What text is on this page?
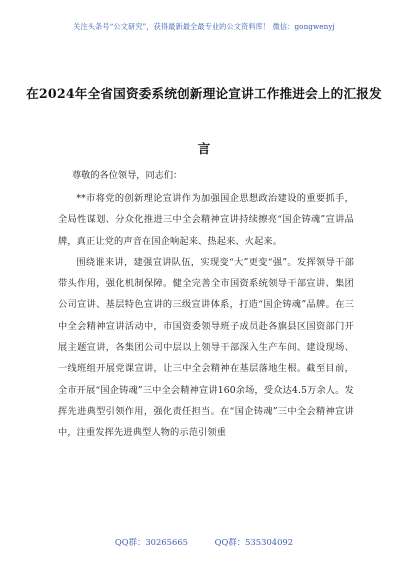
关注头条号“公文研究”，获得最新最全最专业的公文资料库！ 微信：gongwenyj
在2024年全省国资委系统创新理论宣讲工作推进会上的汇报发言
尊敬的各位领导，同志们：

**市将党的创新理论宣讲作为加强国企思想政治建设的重要抓手，全局性谋划、分众化推进三中全会精神宣讲持续擦亮“国企铸魂”宣讲品牌，真正让党的声音在国企响起来、热起来、火起来。

围绕谁来讲，建强宣讲队伍，实现变“大”更变“强”。发挥领导干部带头作用，强化机制保障。健全完善全市国资系统领导干部宣讲、集团公司宣讲、基层特色宣讲的三级宣讲体系，打造“国企铸魂”品牌。在三中全会精神宣讲活动中，市国资委领导班子成员赴各旗县区国资部门开展主题宣讲，各集团公司中层以上领导干部深入生产车间、建设现场、一线班组开展党课宣讲，让三中全会精神在基层落地生根。截至目前，全市开展“国企铸魂”三中全会精神宣讲160余场，受众达4.5万余人。发挥先进典型引领作用，强化责任担当。在“国企铸魂”三中全会精神宣讲中，注重发挥先进典型人物的示范引领重

QQ群：30265665	QQ群：535304092
